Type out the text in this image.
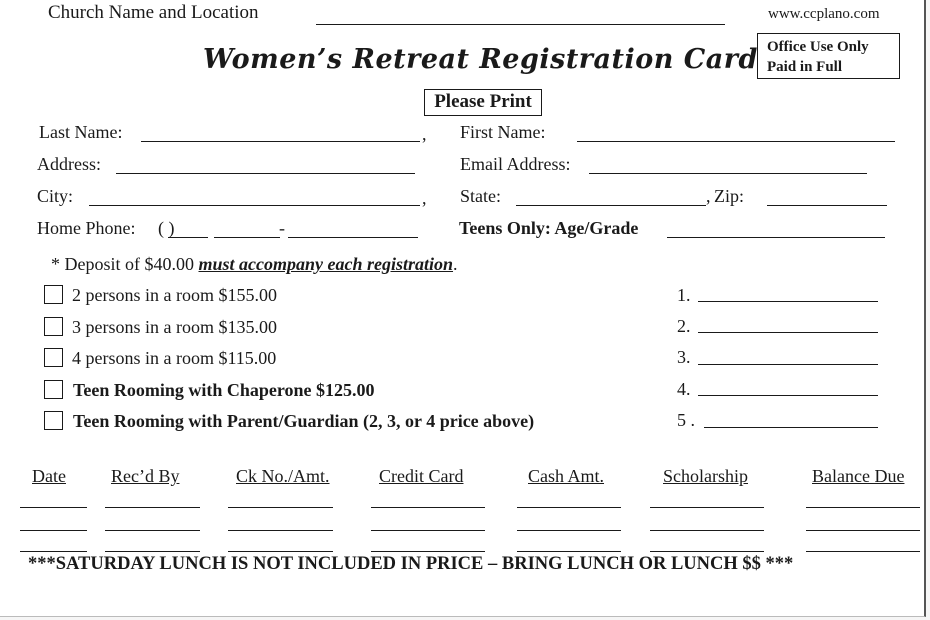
Church Name and Location	www.ccplano.com
Women’s Retreat Registration Card Office Use Only
Paid in Full
Please Print
Last Name:	, First Name:
Address:	Email Address:
City:	, State:	, Zip:
Home Phone: ( )	-	Teens Only: Age/Grade
* Deposit of $40.00 must accompany each registration.
2 persons in a room $155.00
3 persons in a room $135.00
4 persons in a room $115.00
Teen Rooming with Chaperone $125.00
Teen Rooming with Parent/Guardian (2, 3, or 4 price above)
1.
2.
3.
4.
5 .
Date	Rec’d By	Ck No./Amt.	Credit Card	Cash Amt.	Scholarship	Balance Due
***SATURDAY LUNCH IS NOT INCLUDED IN PRICE – BRING LUNCH OR LUNCH $$ ***
